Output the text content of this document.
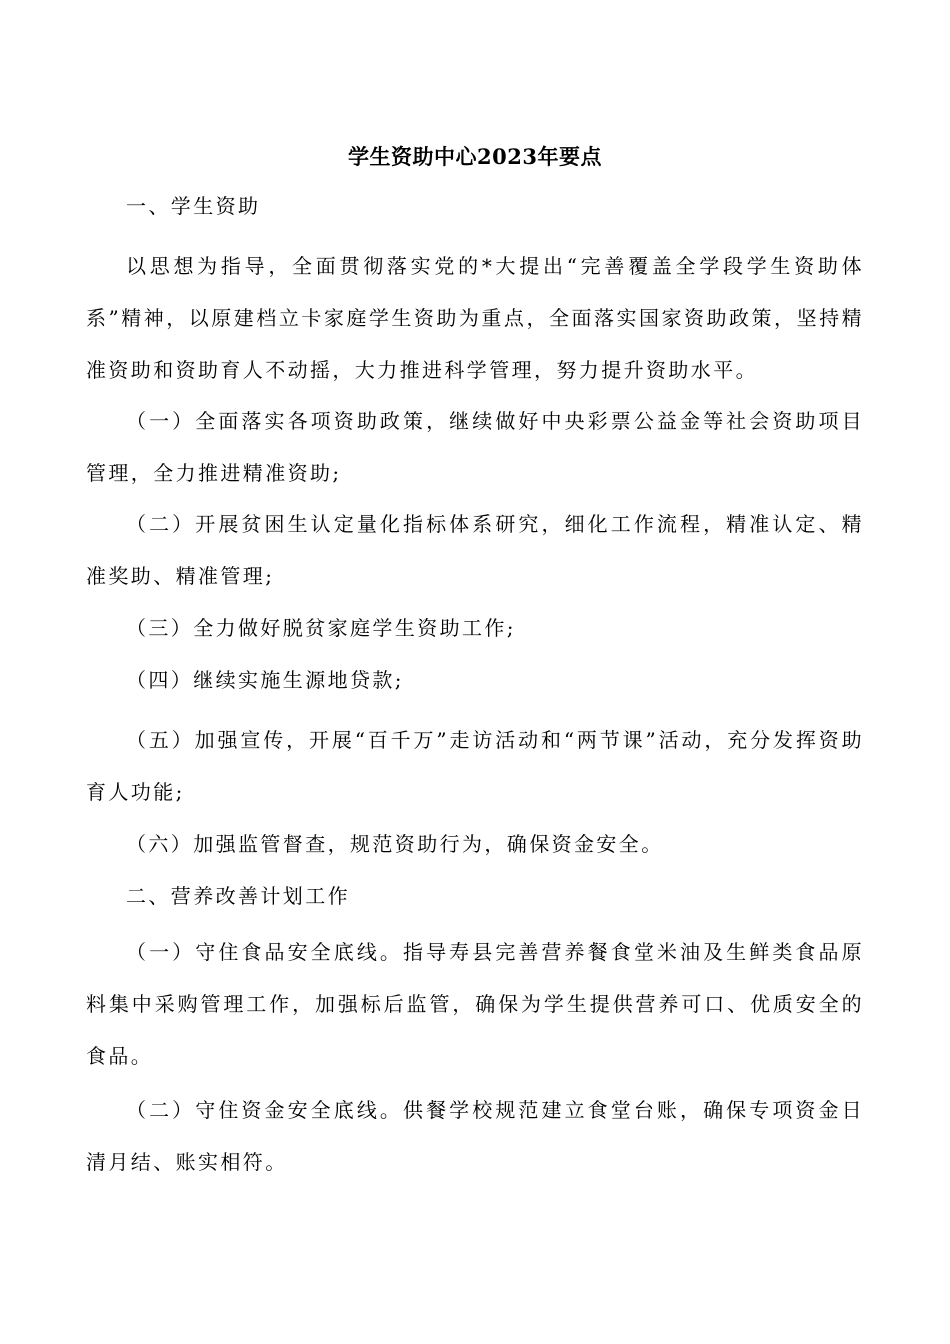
学生资助中心2023年要点
一、学生资助
以思想为指导，全面贯彻落实党的*大提出“完善覆盖全学段学生资助体系”精神，以原建档立卡家庭学生资助为重点，全面落实国家资助政策，坚持精准资助和资助育人不动摇，大力推进科学管理，努力提升资助水平。
（一）全面落实各项资助政策，继续做好中央彩票公益金等社会资助项目管理，全力推进精准资助;
（二）开展贫困生认定量化指标体系研究，细化工作流程，精准认定、精准奖助、精准管理;
（三）全力做好脱贫家庭学生资助工作;
（四）继续实施生源地贷款;
（五）加强宣传，开展“百千万”走访活动和“两节课”活动，充分发挥资助育人功能;
（六）加强监管督查，规范资助行为，确保资金安全。
二、营养改善计划工作
（一）守住食品安全底线。指导寿县完善营养餐食堂米油及生鲜类食品原料集中采购管理工作，加强标后监管，确保为学生提供营养可口、优质安全的食品。
（二）守住资金安全底线。供餐学校规范建立食堂台账，确保专项资金日清月结、账实相符。
